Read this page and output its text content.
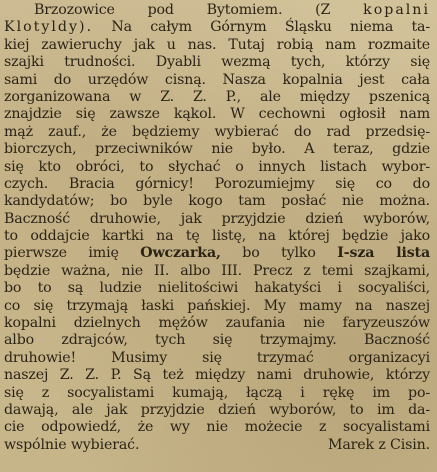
Brzozowice pod Bytomiem. (Z kopalni
Klotyldy). Na całym Górnym Śląsku niema ta-
kiej zawieruchy jak u nas. Tutaj robią nam rozmaite
szajki trudności. Dyabli wezmą tych, którzy się
sami do urzędów cisną. Nasza kopalnia jest cała
zorganizowana w Z. Z. P., ale między pszenicą
znajdzie się zawsze kąkol. W cechowni ogłosił nam
mąż zauf., że będziemy wybierać do rad przedsię-
biorczych, przeciwników nie było. A teraz, gdzie
się kto obróci, to słychać o innych listach wybor-
czych. Bracia górnicy! Porozumiejmy się co do
kandydatów; bo byle kogo tam posłać nie można.
Baczność druhowie, jak przyjdzie dzień wyborów,
to oddajcie kartki na tę listę, na której będzie jako
pierwsze imię Owczarka, bo tylko I-sza lista
będzie ważna, nie II. albo III. Precz z temi szajkami,
bo to są ludzie nielitościwi hakatyści i socyaliści,
co się trzymają łaski pańskiej. My mamy na naszej
kopalni dzielnych mężów zaufania nie faryzeuszów
albo zdrajców, tych się trzymajmy. Baczność
druhowie! Musimy się trzymać organizacyi
naszej Z. Z. P. Są też między nami druhowie, którzy
się z socyalistami kumają, łączą i rękę im po-
dawają, ale jak przyjdzie dzień wyborów, to im da-
cie odpowiedź, że wy nie możecie z socyalistami
wspólnie wybierać.	Marek z Cisin.
